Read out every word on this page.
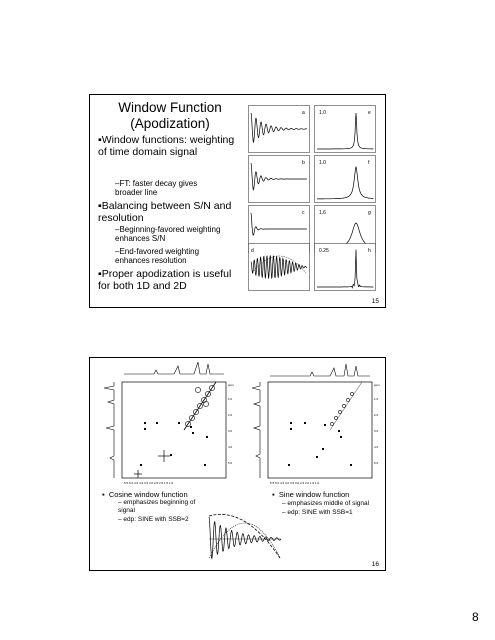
Window Function
(Apodization)
▪Window functions: weighting of time domain signal
–FT: faster decay gives broader line
▪Balancing between S/N and resolution
–Beginning-favored weighting enhances S/N
–End-favored weighting enhances resolution
▪Proper apodization is useful for both 1D and 2D
a
b
c
d
1.0	e
1.0	f
1.6	g
0.25	h
15
ppm
1.0
2.0
3.0
4.0
5.0
5.5 5.0 4.5 4.0 3.5 3.0 2.5 2.0 1.5 1.0
ppm
1.0
2.0
3.0
4.0
5.0
5.5 5.0 4.5 4.0 3.5 3.0 2.5 2.0 1.5 1.0
▪  Cosine window function
– emphasizes beginning of signal
– edp: SINE with SSB=2
▪  Sine window function
– emphasizes middle of signal
– edp: SINE with SSB=1
16
8
